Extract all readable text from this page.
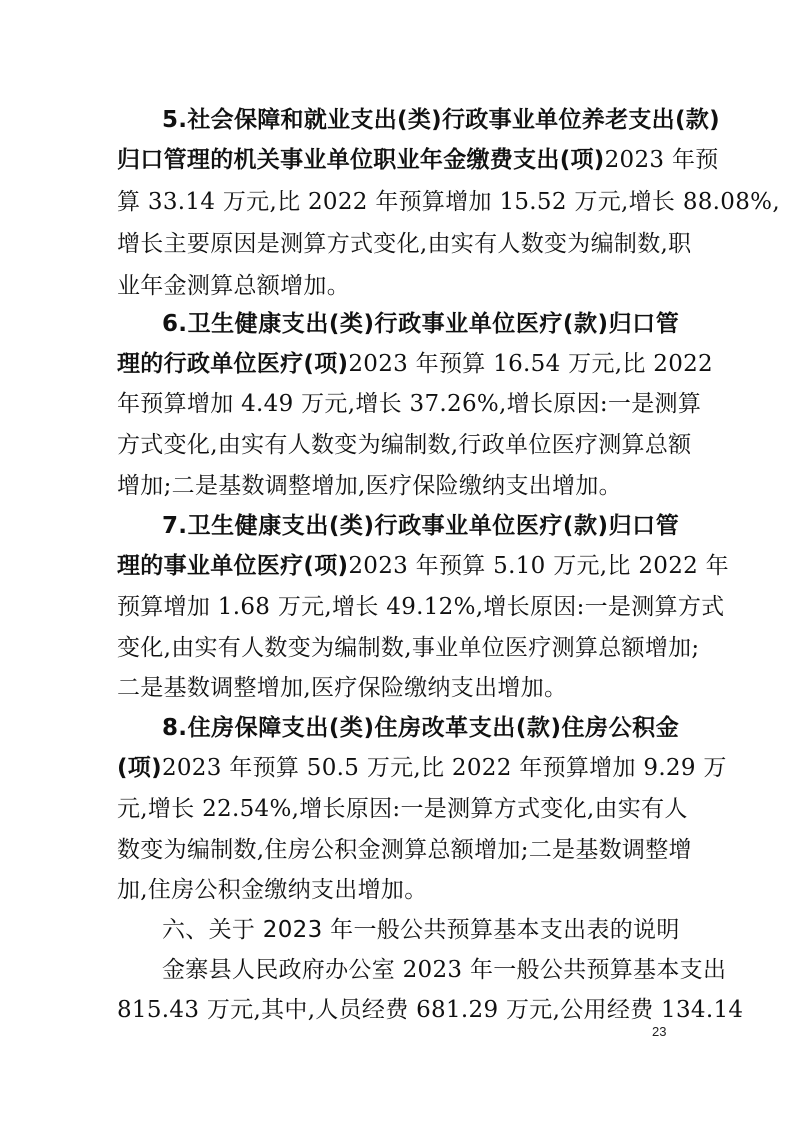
5.社会保障和就业支出(类)行政事业单位养老支出(款)

归口管理的机关事业单位职业年金缴费支出(项)2023 年预

算 33.14 万元,比 2022 年预算增加 15.52 万元,增长 88.08%,

增长主要原因是测算方式变化,由实有人数变为编制数,职

业年金测算总额增加。

6.卫生健康支出(类)行政事业单位医疗(款)归口管

理的行政单位医疗(项)2023 年预算 16.54 万元,比 2022

年预算增加 4.49 万元,增长 37.26%,增长原因:一是测算

方式变化,由实有人数变为编制数,行政单位医疗测算总额

增加;二是基数调整增加,医疗保险缴纳支出增加。

7.卫生健康支出(类)行政事业单位医疗(款)归口管

理的事业单位医疗(项)2023 年预算 5.10 万元,比 2022 年

预算增加 1.68 万元,增长 49.12%,增长原因:一是测算方式

变化,由实有人数变为编制数,事业单位医疗测算总额增加;

二是基数调整增加,医疗保险缴纳支出增加。

8.住房保障支出(类)住房改革支出(款)住房公积金

(项)2023 年预算 50.5 万元,比 2022 年预算增加 9.29 万

元,增长 22.54%,增长原因:一是测算方式变化,由实有人

数变为编制数,住房公积金测算总额增加;二是基数调整增

加,住房公积金缴纳支出增加。

六、关于 2023 年一般公共预算基本支出表的说明

金寨县人民政府办公室 2023 年一般公共预算基本支出

815.43 万元,其中,人员经费 681.29 万元,公用经费 134.14

23
